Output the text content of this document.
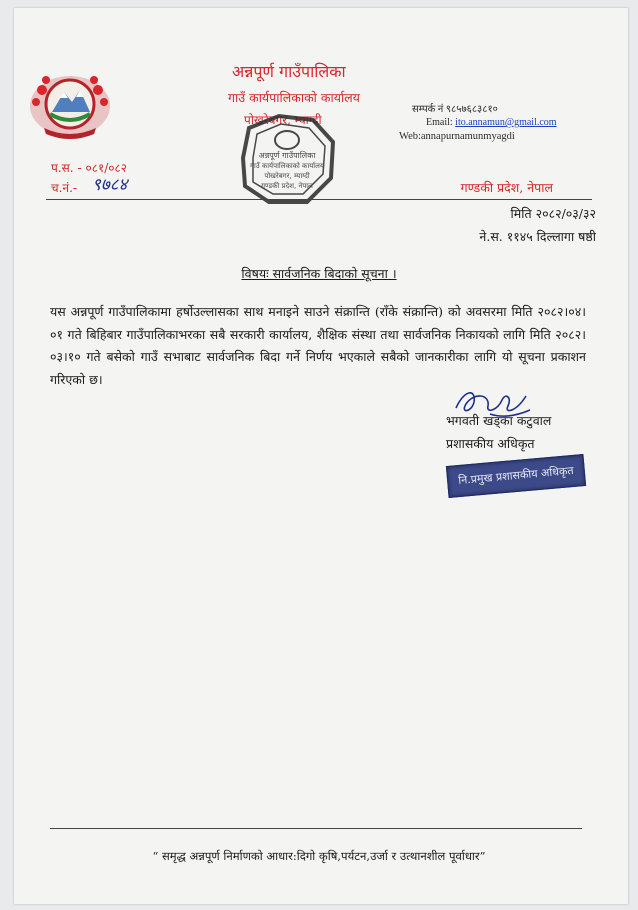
अन्नपूर्ण गाउँपालिका
गाउँ कार्यपालिकाको कार्यालय
पोखरेबगर, म्याग्दी
सम्पर्क नं ९८५७६८३८१०
Email: ito.annamun@gmail.com
Web:annapurnamunmyagdi
अन्नपूर्ण गाउँपालिका
गाउँ कार्यपालिकाको कार्यालय
पोखरेबगर, म्याग्दी
गण्डकी प्रदेश, नेपाल
प.स. - ०८१/०८२
च.नं.- ९७८४	गण्डकी प्रदेश, नेपाल
मिति २०८२/०३/३२
ने.स. ११४५ दिल्लागा षष्ठी
विषयः सार्वजनिक बिदाको सूचना ।
यस अन्नपूर्ण गाउँपालिकामा हर्षोउल्लासका साथ मनाइने साउने संक्रान्ति (राँके संक्रान्ति) को अवसरमा मिति २०८२।०४।०१ गते बिहिबार गाउँपालिकाभरका सबै सरकारी कार्यालय, शैक्षिक संस्था तथा सार्वजनिक निकायको लागि मिति २०८२।०३।१० गते बसेको गाउँ सभाबाट सार्वजनिक बिदा गर्ने निर्णय भएकाले सबैको जानकारीका लागि यो सूचना प्रकाशन गरिएको छ।
भगवती खड्का कटुवाल
प्रशासकीय अधिकृत
नि.प्रमुख प्रशासकीय अधिकृत
“ समृद्ध अन्नपूर्ण निर्माणको आधार:दिगो कृषि,पर्यटन,उर्जा र उत्थानशील पूर्वाधार”
